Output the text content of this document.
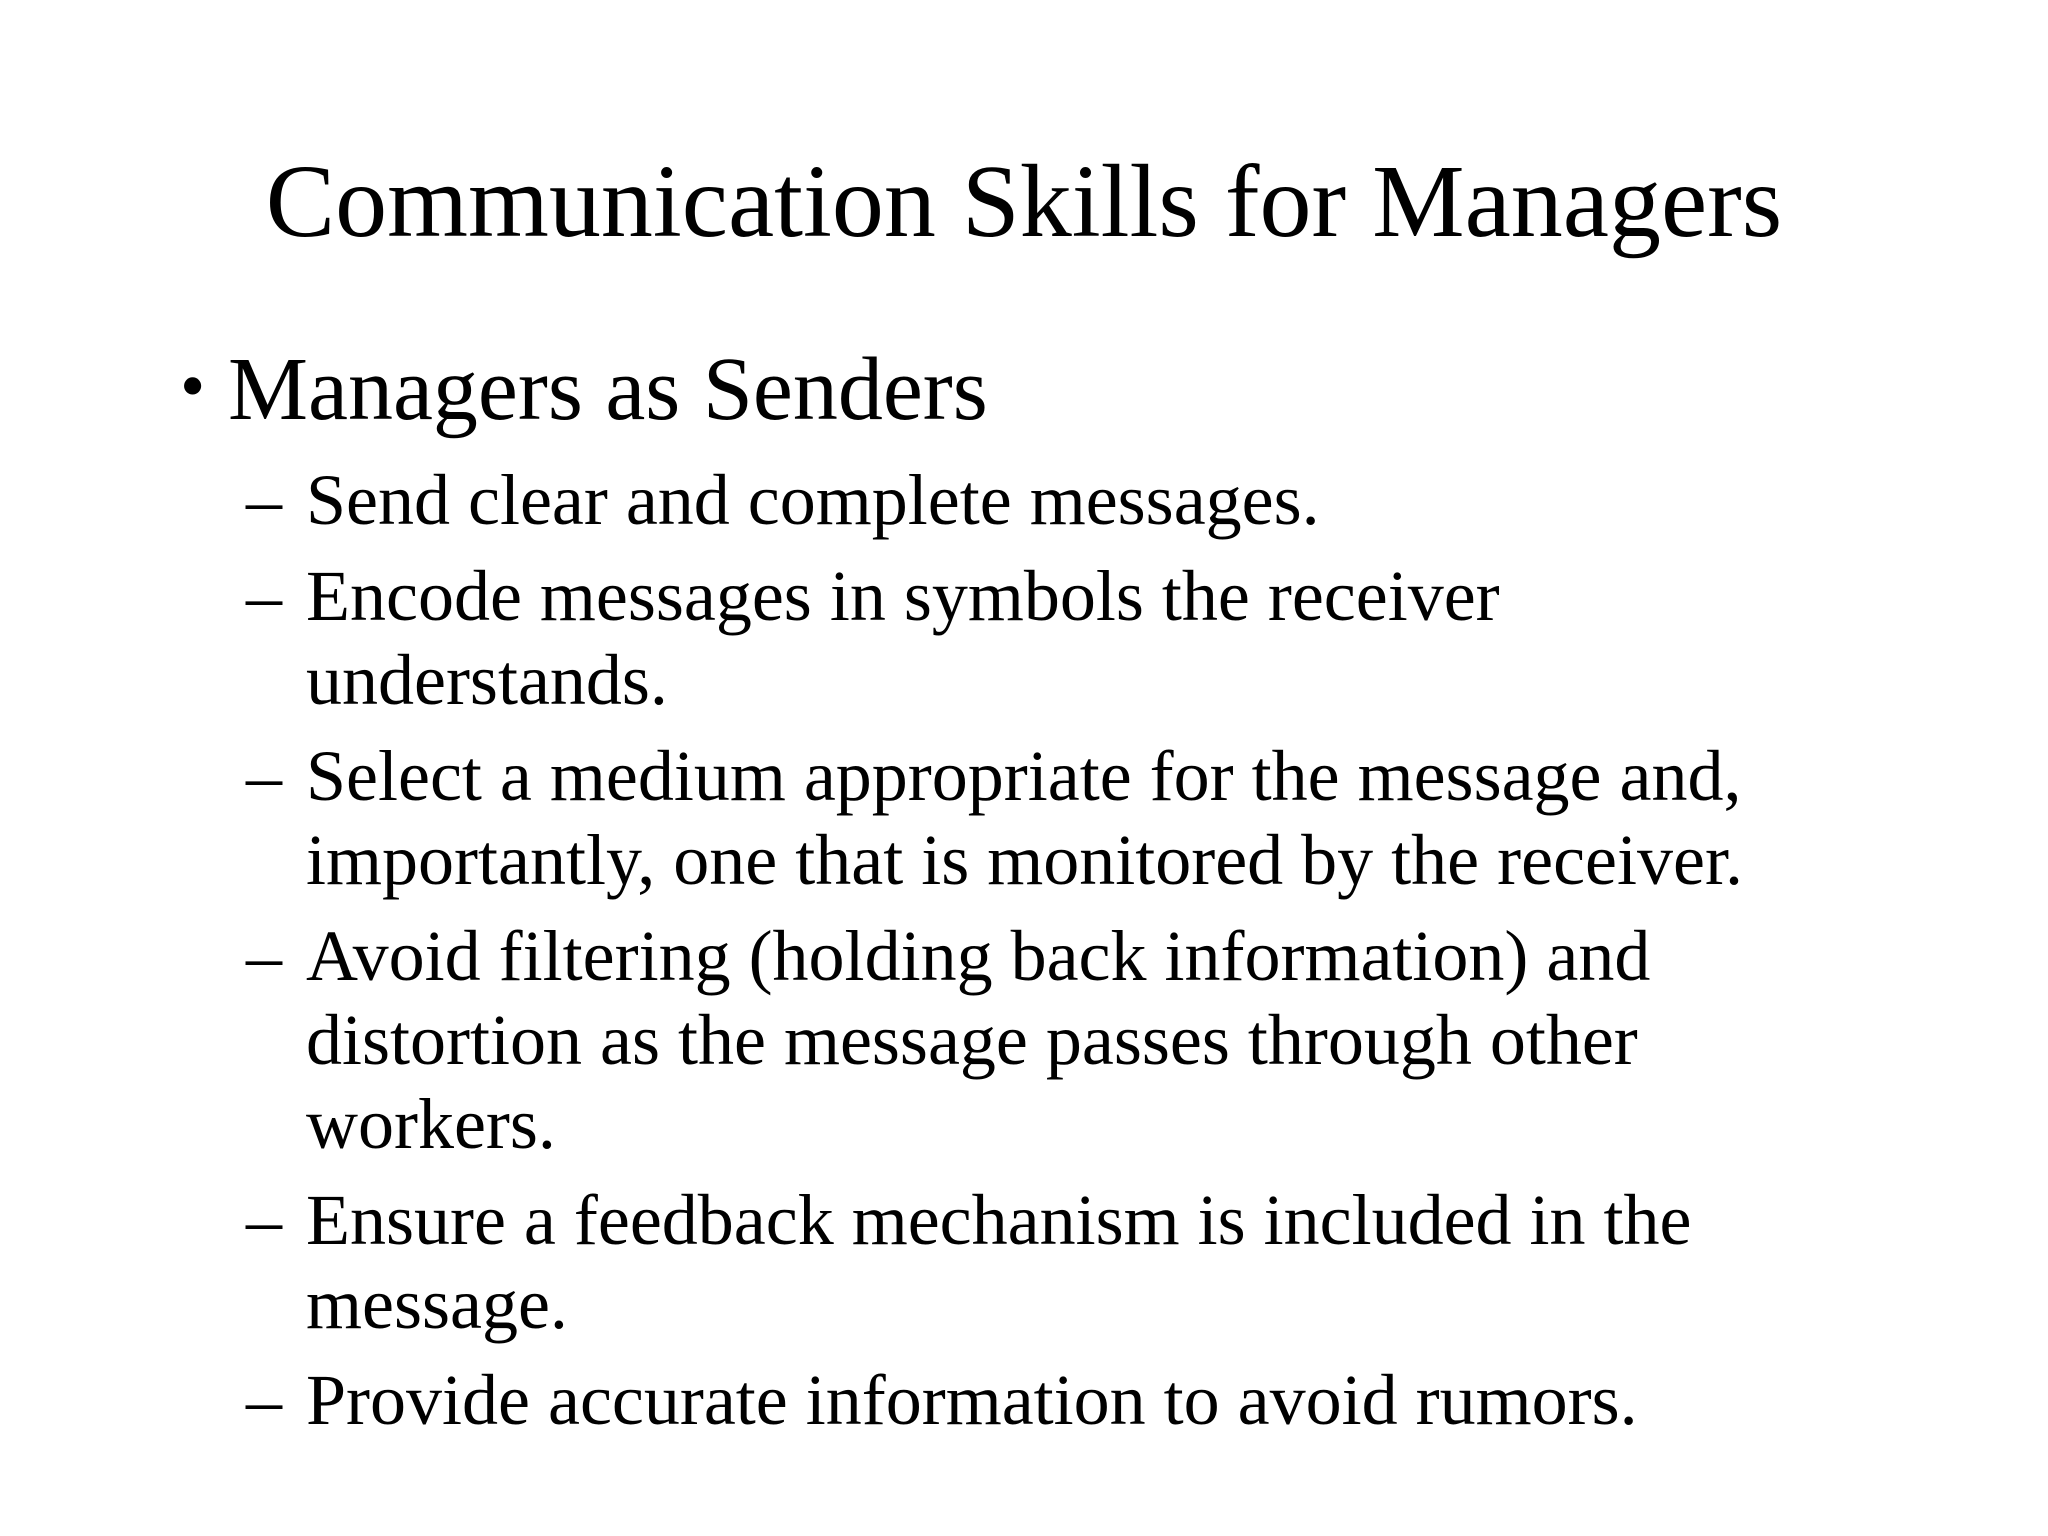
Communication Skills for Managers
• Managers as Senders
– Send clear and complete messages.
– Encode messages in symbols the receiver understands.
– Select a medium appropriate for the message and, importantly, one that is monitored by the receiver.
– Avoid filtering (holding back information) and distortion as the message passes through other workers.
– Ensure a feedback mechanism is included in the message.
– Provide accurate information to avoid rumors.
